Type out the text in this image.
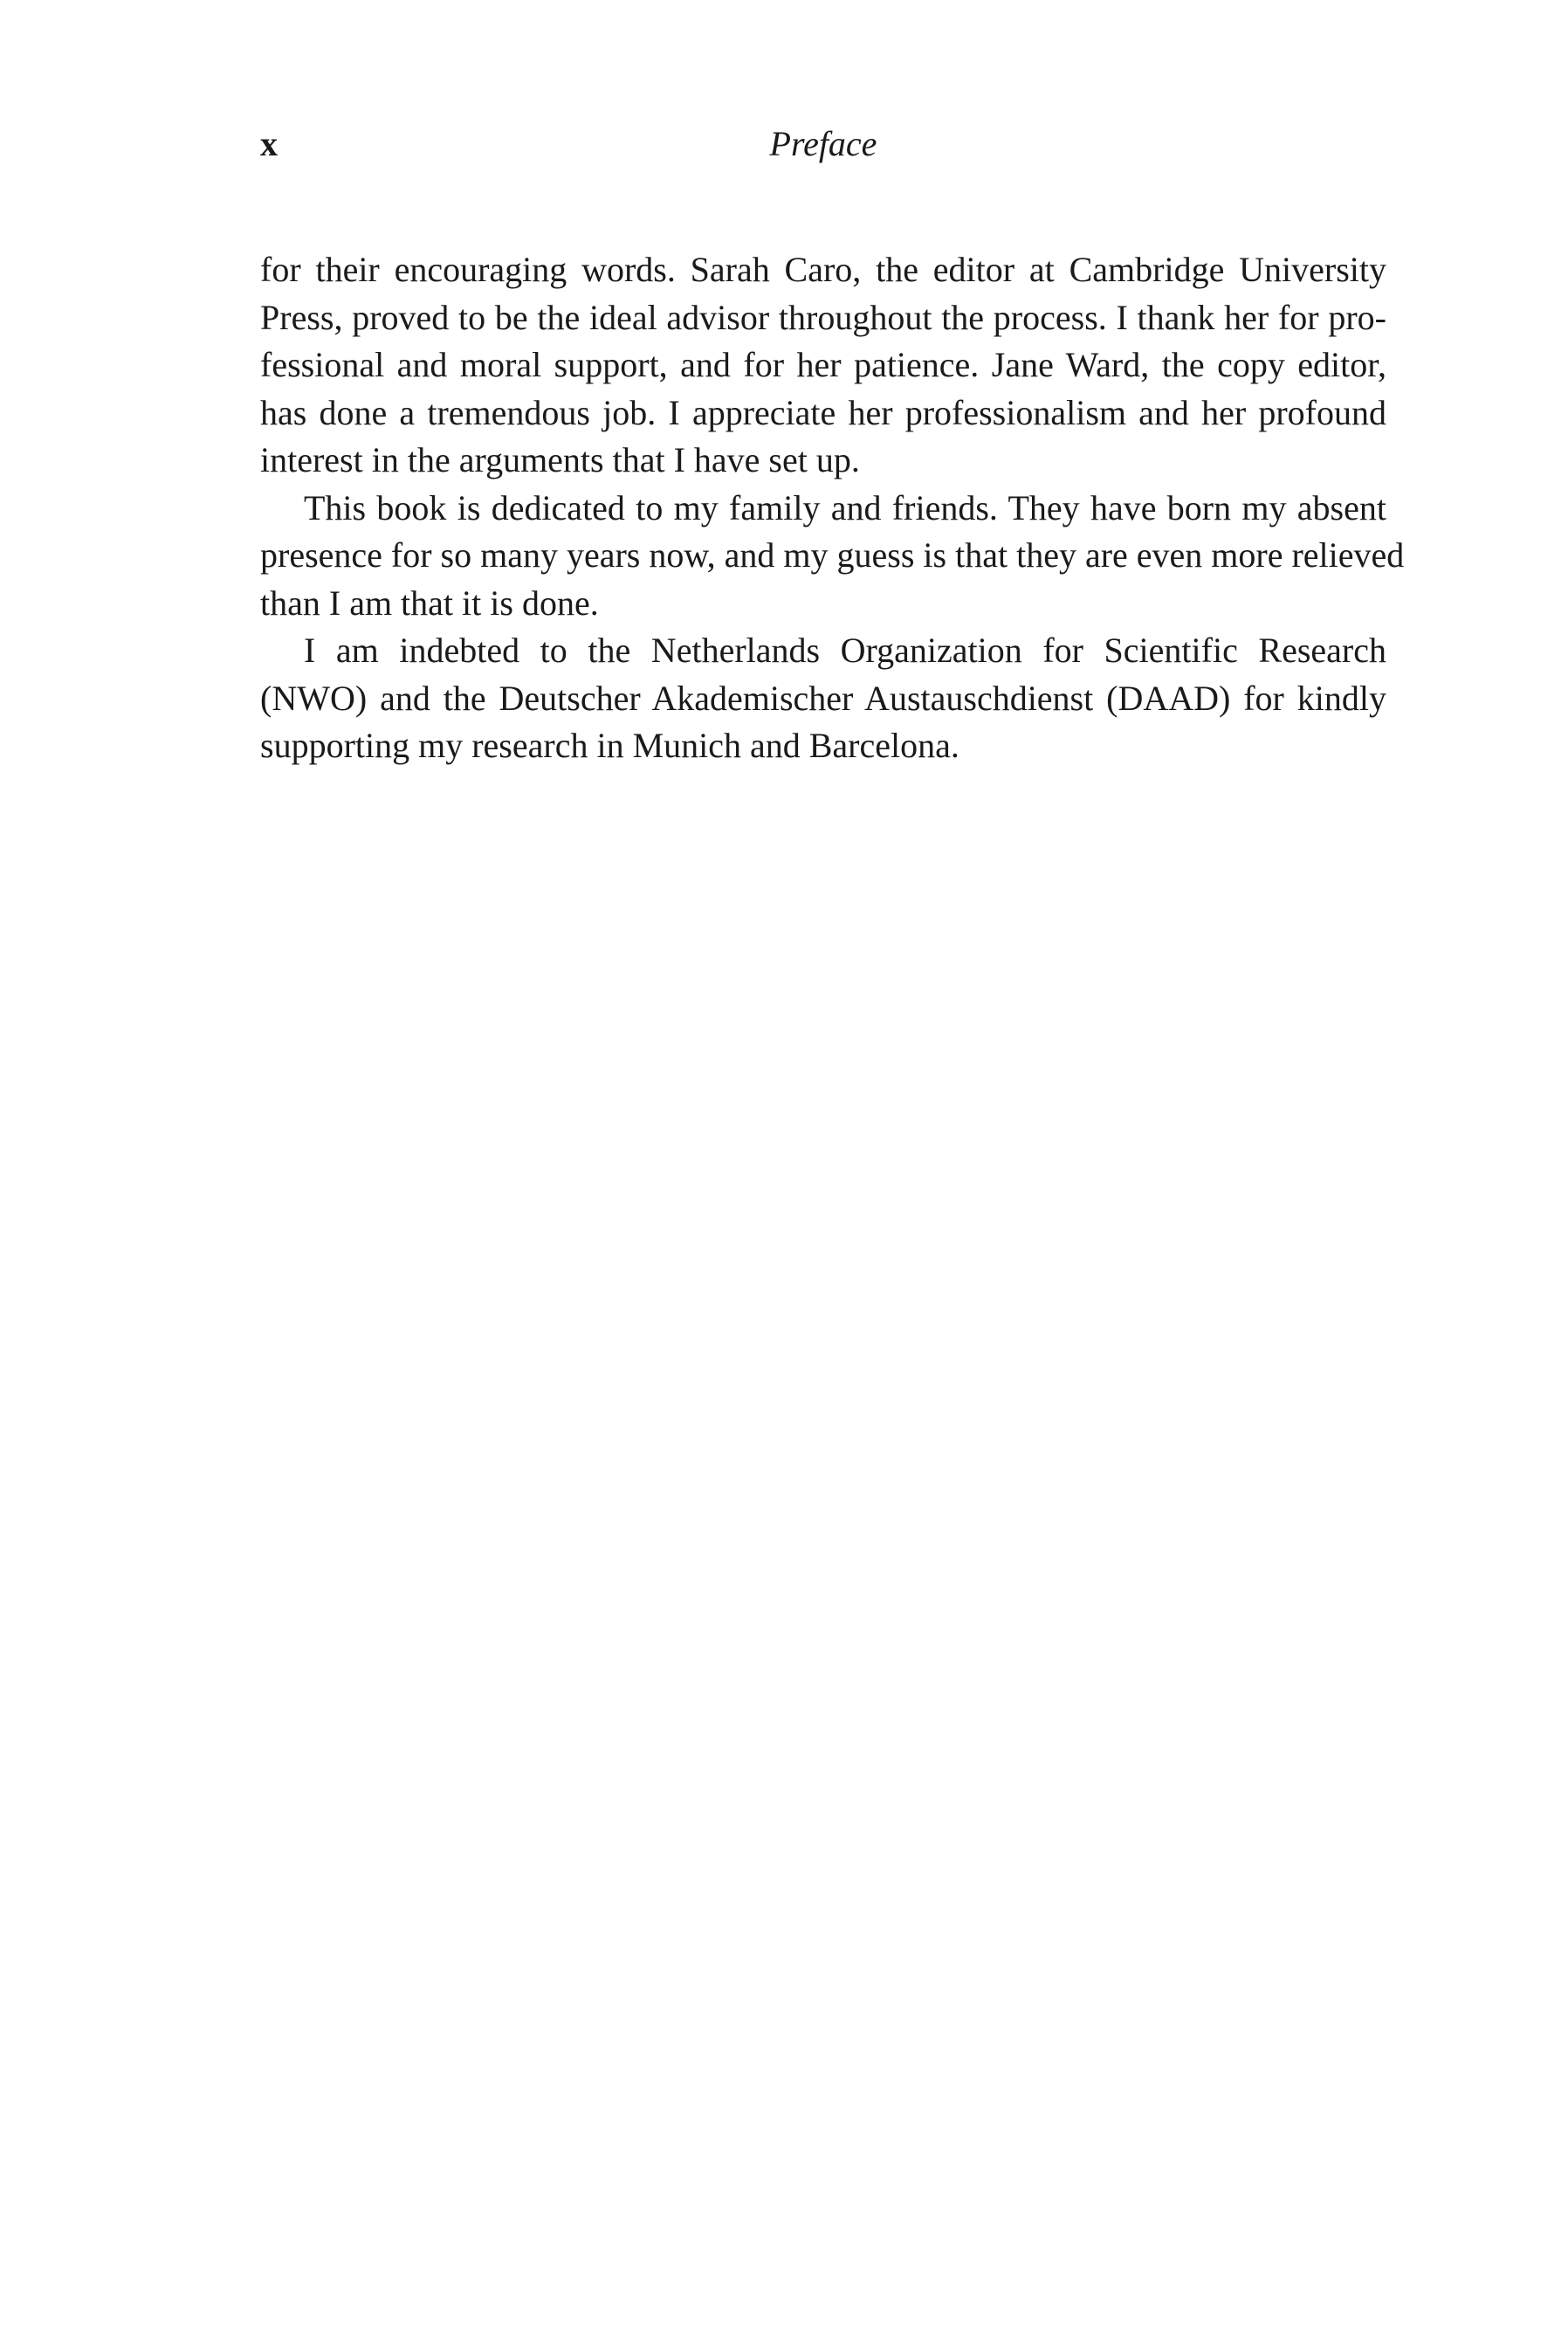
x	Preface

for their encouraging words. Sarah Caro, the editor at Cambridge University
Press, proved to be the ideal advisor throughout the process. I thank her for pro-
fessional and moral support, and for her patience. Jane Ward, the copy editor,
has done a tremendous job. I appreciate her professionalism and her profound
interest in the arguments that I have set up.

This book is dedicated to my family and friends. They have born my absent
presence for so many years now, and my guess is that they are even more relieved
than I am that it is done.

I am indebted to the Netherlands Organization for Scientific Research
(NWO) and the Deutscher Akademischer Austauschdienst (DAAD) for kindly
supporting my research in Munich and Barcelona.
